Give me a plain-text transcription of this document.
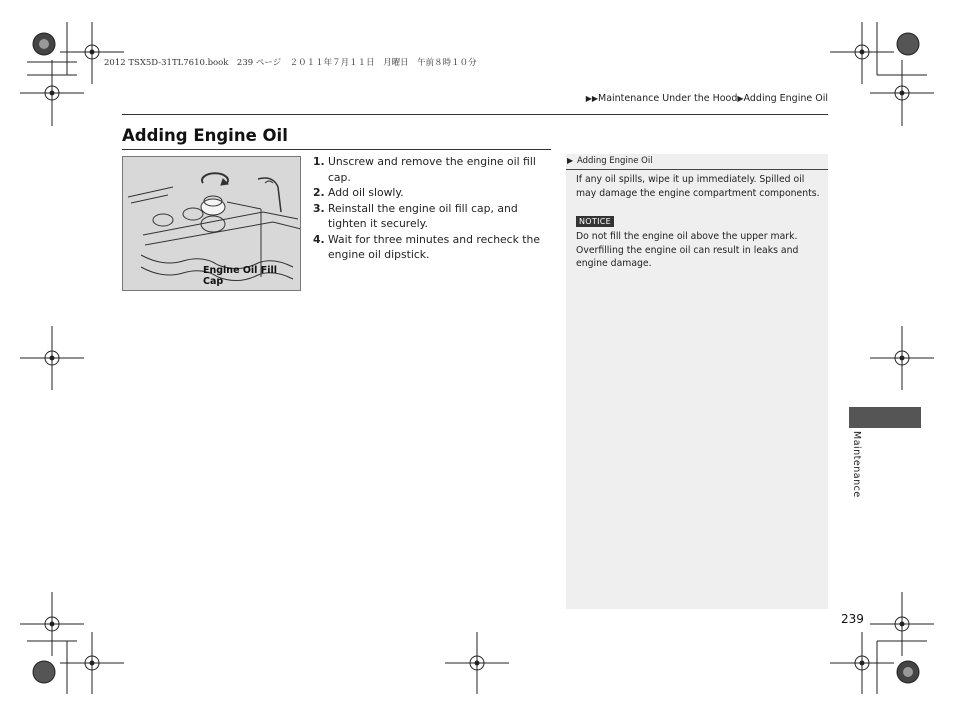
2012 TSX5D-31TL7610.book　239 ページ　２０１１年７月１１日　月曜日　午前８時１０分
▶▶Maintenance Under the Hood▶Adding Engine Oil
Adding Engine Oil
Engine Oil Fill Cap
1. Unscrew and remove the engine oil fill cap.
2. Add oil slowly.
3. Reinstall the engine oil fill cap, and tighten it securely.
4. Wait for three minutes and recheck the engine oil dipstick.
▶ Adding Engine Oil
If any oil spills, wipe it up immediately. Spilled oil may damage the engine compartment components.
NOTICE
Do not fill the engine oil above the upper mark. Overfilling the engine oil can result in leaks and engine damage.
Maintenance
239
